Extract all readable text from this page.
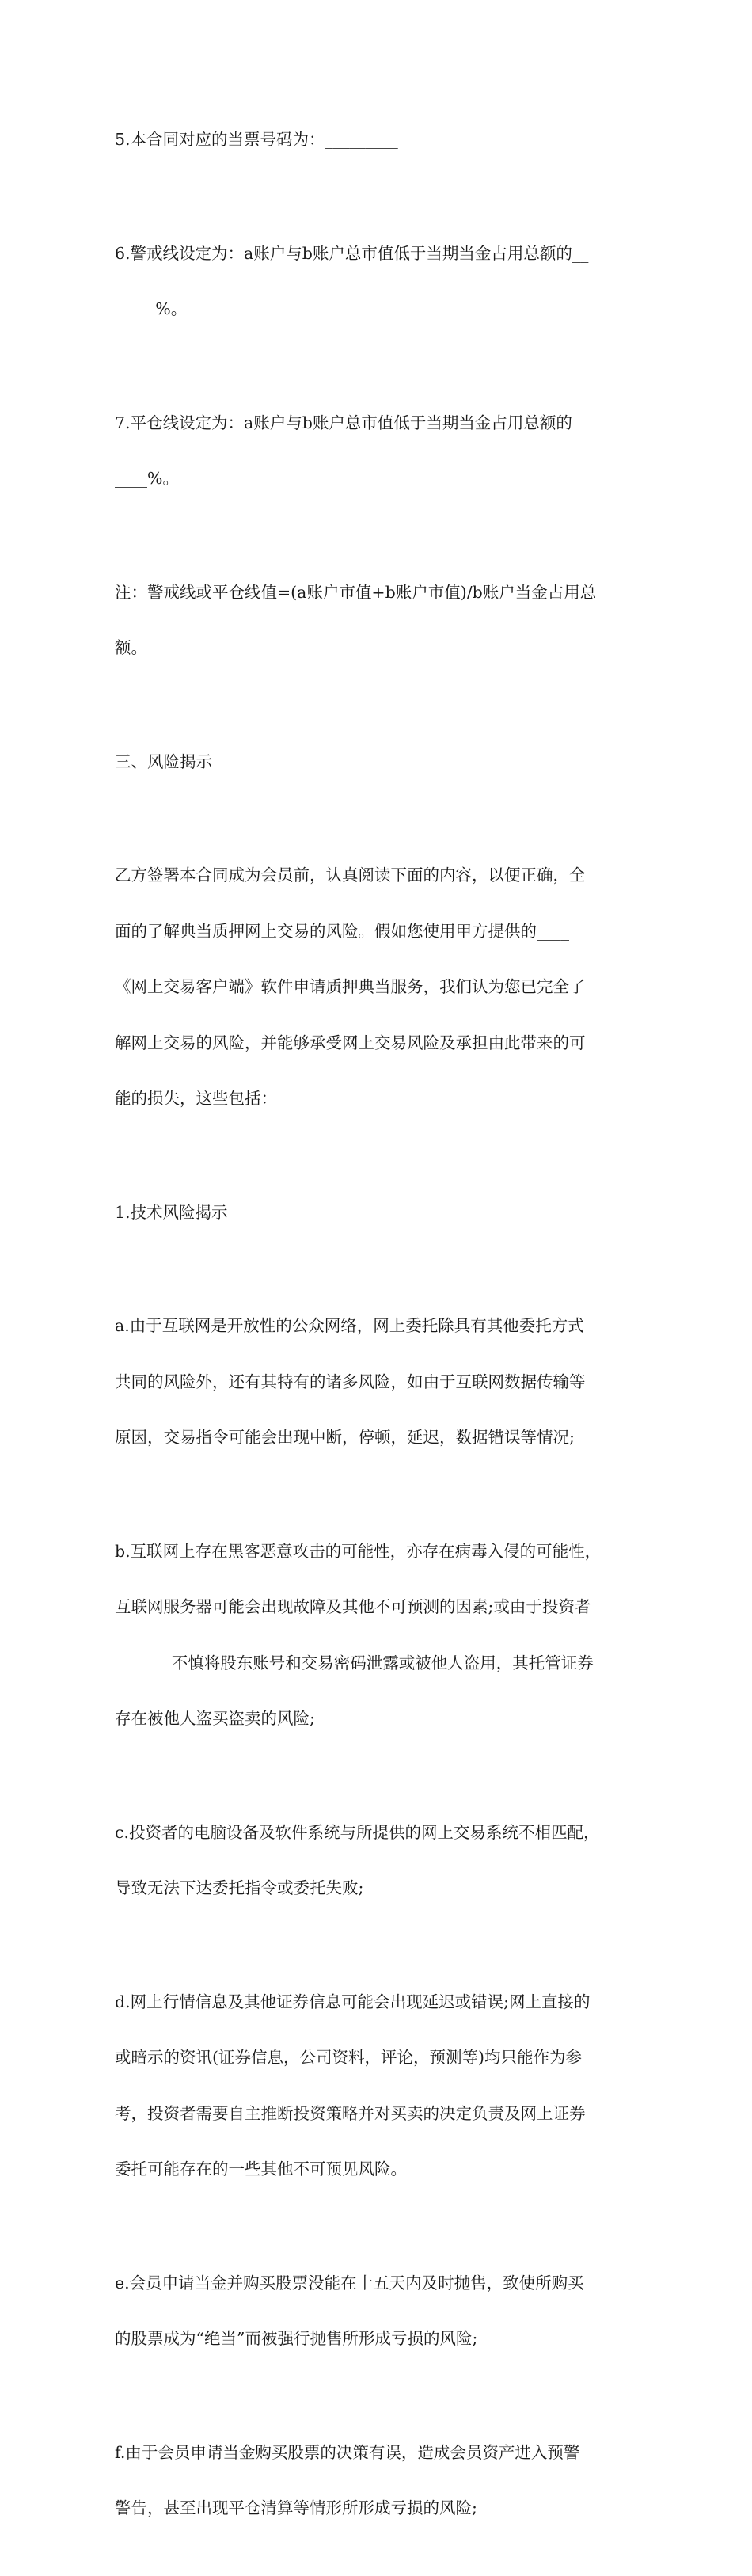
5.本合同对应的当票号码为：_________

6.警戒线设定为：a账户与b账户总市值低于当期当金占用总额的__

_____%。

7.平仓线设定为：a账户与b账户总市值低于当期当金占用总额的__

____%。

注：警戒线或平仓线值=(a账户市值+b账户市值)/b账户当金占用总

额。

三、风险揭示

乙方签署本合同成为会员前，认真阅读下面的内容，以便正确，全

面的了解典当质押网上交易的风险。假如您使用甲方提供的____

《网上交易客户端》软件申请质押典当服务，我们认为您已完全了

解网上交易的风险，并能够承受网上交易风险及承担由此带来的可

能的损失，这些包括：

1.技术风险揭示

a.由于互联网是开放性的公众网络，网上委托除具有其他委托方式

共同的风险外，还有其特有的诸多风险，如由于互联网数据传输等

原因，交易指令可能会出现中断，停顿，延迟，数据错误等情况;

b.互联网上存在黑客恶意攻击的可能性，亦存在病毒入侵的可能性，

互联网服务器可能会出现故障及其他不可预测的因素;或由于投资者

_______不慎将股东账号和交易密码泄露或被他人盗用，其托管证券

存在被他人盗买盗卖的风险;

c.投资者的电脑设备及软件系统与所提供的网上交易系统不相匹配，

导致无法下达委托指令或委托失败;

d.网上行情信息及其他证券信息可能会出现延迟或错误;网上直接的

或暗示的资讯(证券信息，公司资料，评论，预测等)均只能作为参

考，投资者需要自主推断投资策略并对买卖的决定负责及网上证券

委托可能存在的一些其他不可预见风险。

e.会员申请当金并购买股票没能在十五天内及时抛售，致使所购买

的股票成为“绝当”而被强行抛售所形成亏损的风险;

f.由于会员申请当金购买股票的决策有误，造成会员资产进入预警

警告，甚至出现平仓清算等情形所形成亏损的风险;
